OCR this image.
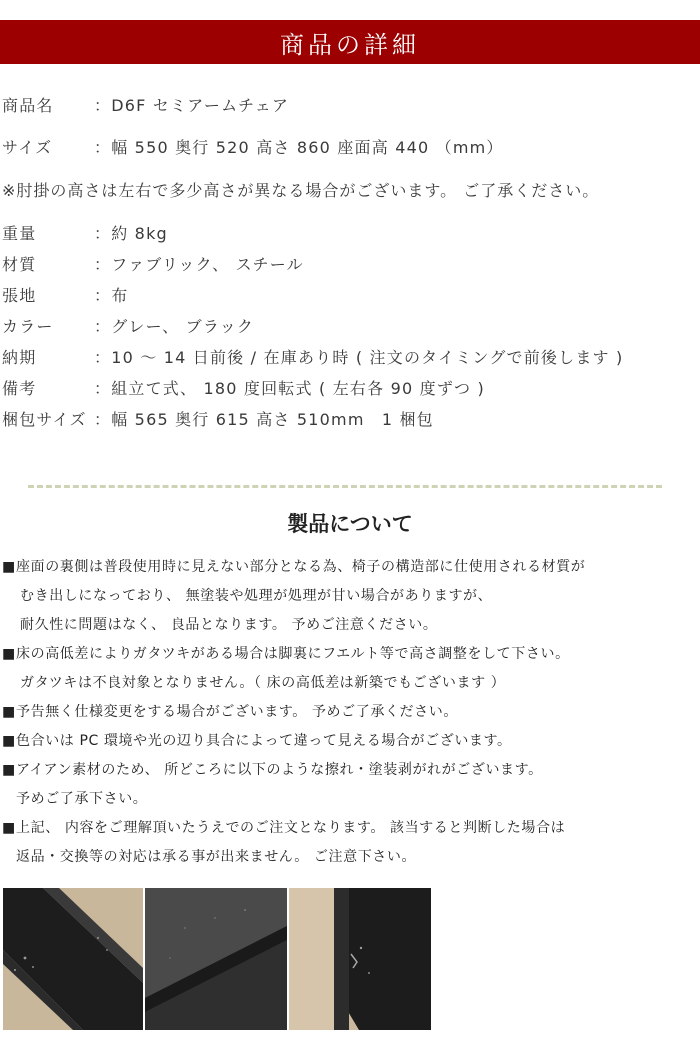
商品の詳細
商品名	：D6F セミアームチェア
サイズ	：幅 550 奥行 520 高さ 860 座面高 440 （mm）
※肘掛の高さは左右で多少高さが異なる場合がございます。 ご了承ください。
重量	：約 8kg
材質	：ファブリック、 スチール
張地	：布
カラー	：グレー、 ブラック
納期	：10 ～ 14 日前後 / 在庫あり時 ( 注文のタイミングで前後します )
備考	：組立て式、 180 度回転式 ( 左右各 90 度ずつ )
梱包サイズ ：幅 565 奥行 615 高さ 510mm　1 梱包
製品について
■座面の裏側は普段使用時に見えない部分となる為、椅子の構造部に仕使用される材質が
むき出しになっており、 無塗装や処理が処理が甘い場合がありますが、
耐久性に問題はなく、 良品となります。 予めご注意ください。
■床の高低差によりガタツキがある場合は脚裏にフエルト等で高さ調整をして下さい。
ガタツキは不良対象となりません。（ 床の高低差は新築でもございます ）
■予告無く仕様変更をする場合がございます。 予めご了承ください。
■色合いは PC 環境や光の辺り具合によって違って見える場合がございます。
■アイアン素材のため、 所どころに以下のような擦れ・塗装剥がれがございます。
予めご了承下さい。
■上記、 内容をご理解頂いたうえでのご注文となります。 該当すると判断した場合は
返品・交換等の対応は承る事が出来ません。 ご注意下さい。
